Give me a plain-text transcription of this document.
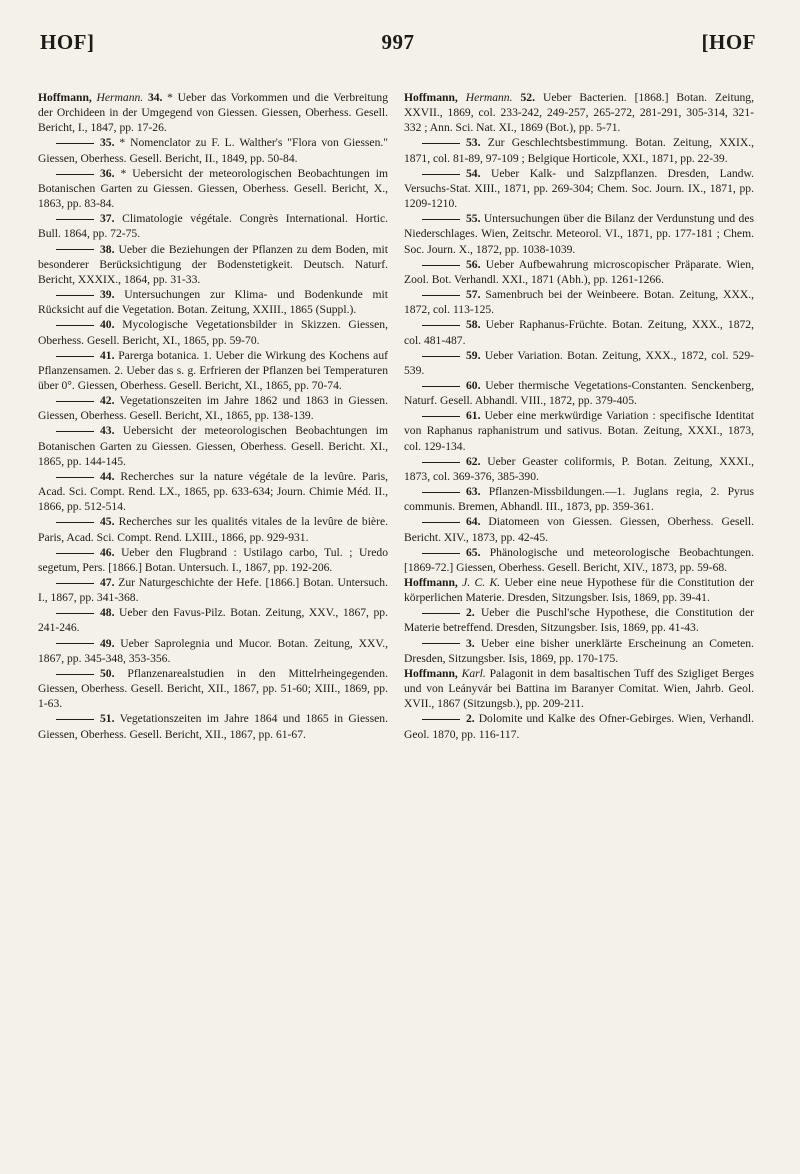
HOF]	997	[HOF

Hoffmann, Hermann. 34. * Ueber das Vorkommen und die Verbreitung der Orchideen in der Umgegend von Giessen. Giessen, Oberhess. Gesell. Bericht, I., 1847, pp. 17-26.

35. * Nomenclator zu F. L. Walther's "Flora von Giessen." Giessen, Oberhess. Gesell. Bericht, II., 1849, pp. 50-84.

36. * Uebersicht der meteorologischen Beobachtungen im Botanischen Garten zu Giessen. Giessen, Oberhess. Gesell. Bericht, X., 1863, pp. 83-84.

37. Climatologie végétale. Congrès International. Hortic. Bull. 1864, pp. 72-75.

38. Ueber die Beziehungen der Pflanzen zu dem Boden, mit besonderer Berücksichtigung der Bodenstetigkeit. Deutsch. Naturf. Bericht, XXXIX., 1864, pp. 31-33.

39. Untersuchungen zur Klima- und Bodenkunde mit Rücksicht auf die Vegetation. Botan. Zeitung, XXIII., 1865 (Suppl.).

40. Mycologische Vegetationsbilder in Skizzen. Giessen, Oberhess. Gesell. Bericht, XI., 1865, pp. 59-70.

41. Parerga botanica. 1. Ueber die Wirkung des Kochens auf Pflanzensamen. 2. Ueber das s. g. Erfrieren der Pflanzen bei Temperaturen über 0°. Giessen, Oberhess. Gesell. Bericht, XI., 1865, pp. 70-74.

42. Vegetationszeiten im Jahre 1862 und 1863 in Giessen. Giessen, Oberhess. Gesell. Bericht, XI., 1865, pp. 138-139.

43. Uebersicht der meteorologischen Beobachtungen im Botanischen Garten zu Giessen. Giessen, Oberhess. Gesell. Bericht. XI., 1865, pp. 144-145.

44. Recherches sur la nature végétale de la levûre. Paris, Acad. Sci. Compt. Rend. LX., 1865, pp. 633-634; Journ. Chimie Méd. II., 1866, pp. 512-514.

45. Recherches sur les qualités vitales de la levûre de bière. Paris, Acad. Sci. Compt. Rend. LXIII., 1866, pp. 929-931.

46. Ueber den Flugbrand : Ustilago carbo, Tul. ; Uredo segetum, Pers. [1866.] Botan. Untersuch. I., 1867, pp. 192-206.

47. Zur Naturgeschichte der Hefe. [1866.] Botan. Untersuch. I., 1867, pp. 341-368.

48. Ueber den Favus-Pilz. Botan. Zeitung, XXV., 1867, pp. 241-246.

49. Ueber Saprolegnia und Mucor. Botan. Zeitung, XXV., 1867, pp. 345-348, 353-356.

50. Pflanzenarealstudien in den Mittelrheingegenden. Giessen, Oberhess. Gesell. Bericht, XII., 1867, pp. 51-60; XIII., 1869, pp. 1-63.

51. Vegetationszeiten im Jahre 1864 und 1865 in Giessen. Giessen, Oberhess. Gesell. Bericht, XII., 1867, pp. 61-67.

Hoffmann, Hermann. 52. Ueber Bacterien. [1868.] Botan. Zeitung, XXVII., 1869, col. 233-242, 249-257, 265-272, 281-291, 305-314, 321-332 ; Ann. Sci. Nat. XI., 1869 (Bot.), pp. 5-71.

53. Zur Geschlechtsbestimmung. Botan. Zeitung, XXIX., 1871, col. 81-89, 97-109 ; Belgique Horticole, XXI., 1871, pp. 22-39.

54. Ueber Kalk- und Salzpflanzen. Dresden, Landw. Versuchs-Stat. XIII., 1871, pp. 269-304; Chem. Soc. Journ. IX., 1871, pp. 1209-1210.

55. Untersuchungen über die Bilanz der Verdunstung und des Niederschlages. Wien, Zeitschr. Meteorol. VI., 1871, pp. 177-181 ; Chem. Soc. Journ. X., 1872, pp. 1038-1039.

56. Ueber Aufbewahrung microscopischer Präparate. Wien, Zool. Bot. Verhandl. XXI., 1871 (Abh.), pp. 1261-1266.

57. Samenbruch bei der Weinbeere. Botan. Zeitung, XXX., 1872, col. 113-125.

58. Ueber Raphanus-Früchte. Botan. Zeitung, XXX., 1872, col. 481-487.

59. Ueber Variation. Botan. Zeitung, XXX., 1872, col. 529-539.

60. Ueber thermische Vegetations-Constanten. Senckenberg, Naturf. Gesell. Abhandl. VIII., 1872, pp. 379-405.

61. Ueber eine merkwürdige Variation : specifische Identitat von Raphanus raphanistrum und sativus. Botan. Zeitung, XXXI., 1873, col. 129-134.

62. Ueber Geaster coliformis, P. Botan. Zeitung, XXXI., 1873, col. 369-376, 385-390.

63. Pflanzen-Missbildungen.—1. Juglans regia, 2. Pyrus communis. Bremen, Abhandl. III., 1873, pp. 359-361.

64. Diatomeen von Giessen. Giessen, Oberhess. Gesell. Bericht. XIV., 1873, pp. 42-45.

65. Phänologische und meteorologische Beobachtungen. [1869-72.] Giessen, Oberhess. Gesell. Bericht, XIV., 1873, pp. 59-68.

Hoffmann, J. C. K. Ueber eine neue Hypothese für die Constitution der körperlichen Materie. Dresden, Sitzungsber. Isis, 1869, pp. 39-41.

2. Ueber die Puschl'sche Hypothese, die Constitution der Materie betreffend. Dresden, Sitzungsber. Isis, 1869, pp. 41-43.

3. Ueber eine bisher unerklärte Erscheinung an Cometen. Dresden, Sitzungsber. Isis, 1869, pp. 170-175.

Hoffmann, Karl. Palagonit in dem basaltischen Tuff des Szigliget Berges und von Leányvár bei Battina im Baranyer Comitat. Wien, Jahrb. Geol. XVII., 1867 (Sitzungsb.), pp. 209-211.

2. Dolomite und Kalke des Ofner-Gebirges. Wien, Verhandl. Geol. 1870, pp. 116-117.
